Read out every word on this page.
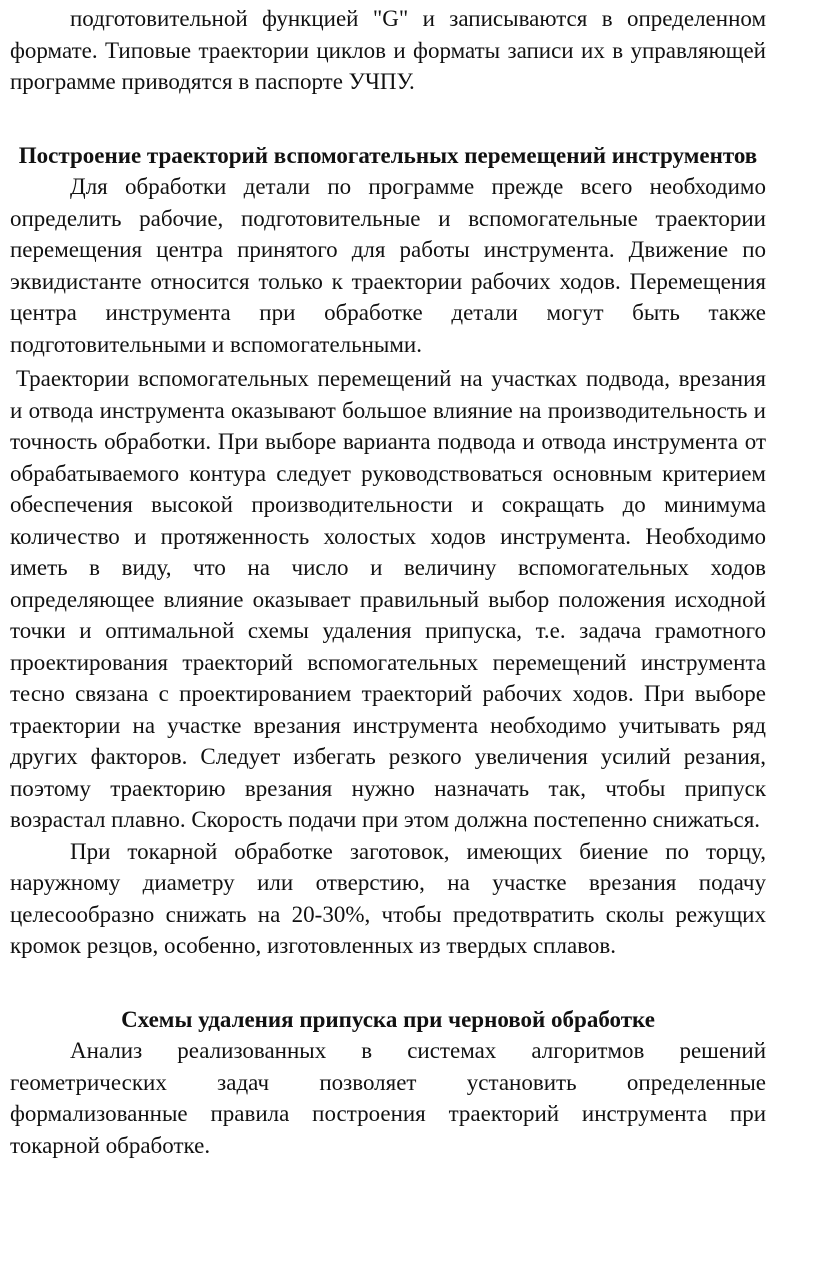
подготовительной функцией "G" и записываются в определенном формате. Типовые траектории циклов и форматы записи их в управляющей программе приводятся в паспорте УЧПУ.

Построение траекторий вспомогательных перемещений инструментов

Для обработки детали по программе прежде всего необходимо определить рабочие, подготовительные и вспомогательные траектории перемещения центра принятого для работы инструмента. Движение по эквидистанте относится только к траектории рабочих ходов. Перемещения центра инструмента при обработке детали могут быть также подготовительными и вспомогательными.

Траектории вспомогательных перемещений на участках подвода, врезания и отвода инструмента оказывают большое влияние на производительность и точность обработки. При выборе варианта подвода и отвода инструмента от обрабатываемого контура следует руководствоваться основным критерием обеспечения высокой производительности и сокращать до минимума количество и протяженность холостых ходов инструмента. Необходимо иметь в виду, что на число и величину вспомогательных ходов определяющее влияние оказывает правильный выбор положения исходной точки и оптимальной схемы удаления припуска, т.е. задача грамотного проектирования траекторий вспомогательных перемещений инструмента тесно связана с проектированием траекторий рабочих ходов. При выборе траектории на участке врезания инструмента необходимо учитывать ряд других факторов. Следует избегать резкого увеличения усилий резания, поэтому траекторию врезания нужно назначать так, чтобы припуск возрастал плавно. Скорость подачи при этом должна постепенно снижаться.

При токарной обработке заготовок, имеющих биение по торцу, наружному диаметру или отверстию, на участке врезания подачу целесообразно снижать на 20-30%, чтобы предотвратить сколы режущих кромок резцов, особенно, изготовленных из твердых сплавов.

Схемы удаления припуска при черновой обработке

Анализ реализованных в системах алгоритмов решений геометрических задач позволяет установить определенные формализованные правила построения траекторий инструмента при токарной обработке.
